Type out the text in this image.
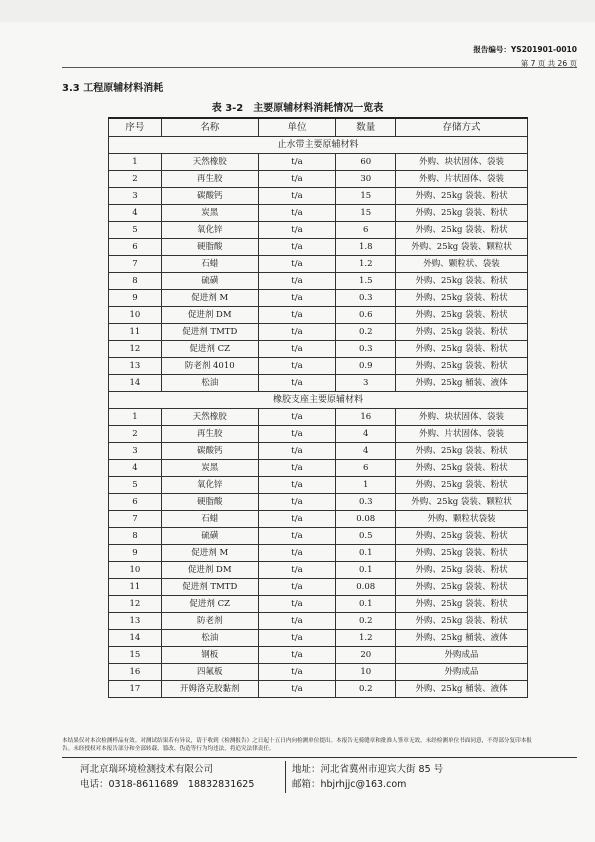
报告编号：YS201901-0010
第 7 页 共 26 页
3.3 工程原辅材料消耗
表 3-2　主要原辅材料消耗情况一览表
序号	名称	单位	数量	存储方式
止水带主要原辅材料				
1	天然橡胶	t/a	60	外购、块状固体、袋装
2	再生胶	t/a	30	外购、片状固体、袋装
3	碳酸钙	t/a	15	外购、25kg 袋装、粉状
4	炭黑	t/a	15	外购、25kg 袋装、粉状
5	氧化锌	t/a	6	外购、25kg 袋装、粉状
6	硬脂酸	t/a	1.8	外购、25kg 袋装、颗粒状
7	石蜡	t/a	1.2	外购、颗粒状、袋装
8	硫磺	t/a	1.5	外购、25kg 袋装、粉状
9	促进剂 M	t/a	0.3	外购、25kg 袋装、粉状
10	促进剂 DM	t/a	0.6	外购、25kg 袋装、粉状
11	促进剂 TMTD	t/a	0.2	外购、25kg 袋装、粉状
12	促进剂 CZ	t/a	0.3	外购、25kg 袋装、粉状
13	防老剂 4010	t/a	0.9	外购、25kg 袋装、粉状
14	松油	t/a	3	外购、25kg 桶装、液体
橡胶支座主要原辅材料				
1	天然橡胶	t/a	16	外购、块状固体、袋装
2	再生胶	t/a	4	外购、片状固体、袋装
3	碳酸钙	t/a	4	外购、25kg 袋装、粉状
4	炭黑	t/a	6	外购、25kg 袋装、粉状
5	氧化锌	t/a	1	外购、25kg 袋装、粉状
6	硬脂酸	t/a	0.3	外购、25kg 袋装、颗粒状
7	石蜡	t/a	0.08	外购、颗粒状袋装
8	硫磺	t/a	0.5	外购、25kg 袋装、粉状
9	促进剂 M	t/a	0.1	外购、25kg 袋装、粉状
10	促进剂 DM	t/a	0.1	外购、25kg 袋装、粉状
11	促进剂 TMTD	t/a	0.08	外购、25kg 袋装、粉状
12	促进剂 CZ	t/a	0.1	外购、25kg 袋装、粉状
13	防老剂	t/a	0.2	外购、25kg 袋装、粉状
14	松油	t/a	1.2	外购、25kg 桶装、液体
15	钢板	t/a	20	外购成品
16	四氟板	t/a	10	外购成品
17	开姆洛克胶黏剂	t/a	0.2	外购、25kg 桶装、液体
本结果仅对本次检测样品有效。对测试结果若有异议，请于收到《检测报告》之日起十五日内向检测单位提出。本报告无骑缝章和批准人签章无效。未经检测单位书面同意，不得部分复印本报告。未经授权对本报告部分和全部转载、篡改、伪造等行为均违法，将追究法律责任。
河北京瑞环境检测技术有限公司
电话：0318-8611689　18832831625
地址：河北省冀州市迎宾大街 85 号
邮箱：hbjrhjjc@163.com
